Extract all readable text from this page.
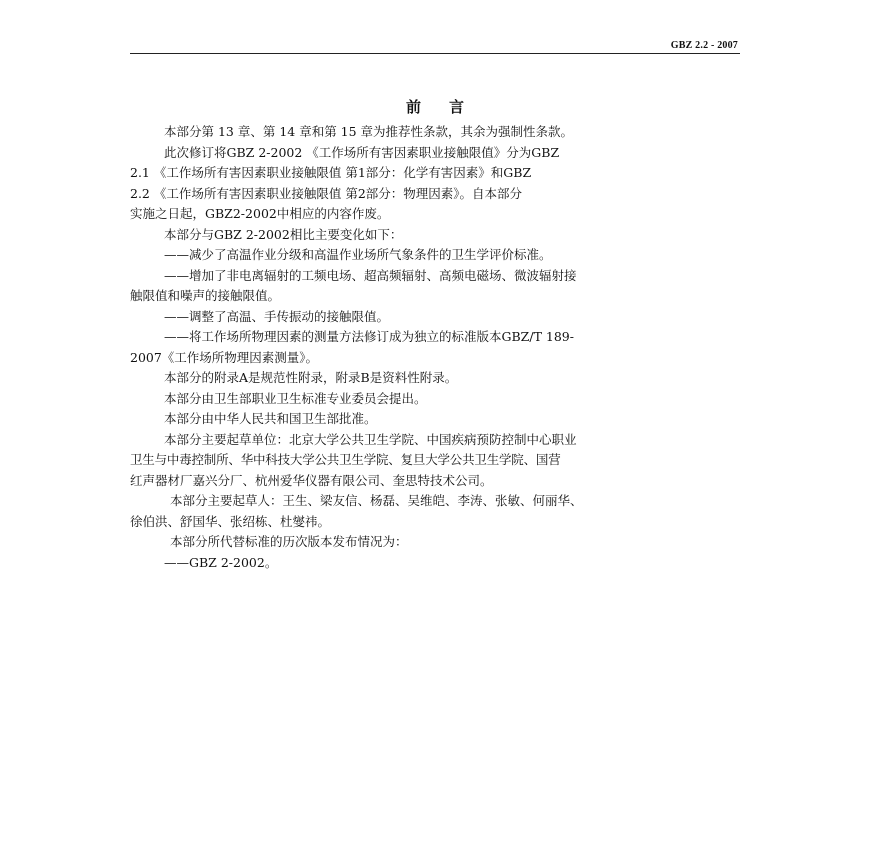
GBZ 2.2 - 2007
前言
本部分第 13 章、第 14 章和第 15 章为推荐性条款，其余为强制性条款。
此次修订将GBZ 2-2002 《工作场所有害因素职业接触限值》分为GBZ
2.1 《工作场所有害因素职业接触限值 第1部分：化学有害因素》和GBZ
2.2 《工作场所有害因素职业接触限值 第2部分：物理因素》。自本部分
实施之日起，GBZ2-2002中相应的内容作废。
本部分与GBZ 2-2002相比主要变化如下：
——减少了高温作业分级和高温作业场所气象条件的卫生学评价标准。
——增加了非电离辐射的工频电场、超高频辐射、高频电磁场、微波辐射接
触限值和噪声的接触限值。
——调整了高温、手传振动的接触限值。
——将工作场所物理因素的测量方法修订成为独立的标准版本GBZ/T 189-
2007《工作场所物理因素测量》。
本部分的附录A是规范性附录，附录B是资料性附录。
本部分由卫生部职业卫生标准专业委员会提出。
本部分由中华人民共和国卫生部批准。
本部分主要起草单位：北京大学公共卫生学院、中国疾病预防控制中心职业
卫生与中毒控制所、华中科技大学公共卫生学院、复旦大学公共卫生学院、国营
红声器材厂嘉兴分厂、杭州爱华仪器有限公司、奎思特技术公司。
本部分主要起草人：王生、梁友信、杨磊、吴维皑、李涛、张敏、何丽华、
徐伯洪、舒国华、张绍栋、杜燮祎。
本部分所代替标准的历次版本发布情况为：
——GBZ 2-2002。
